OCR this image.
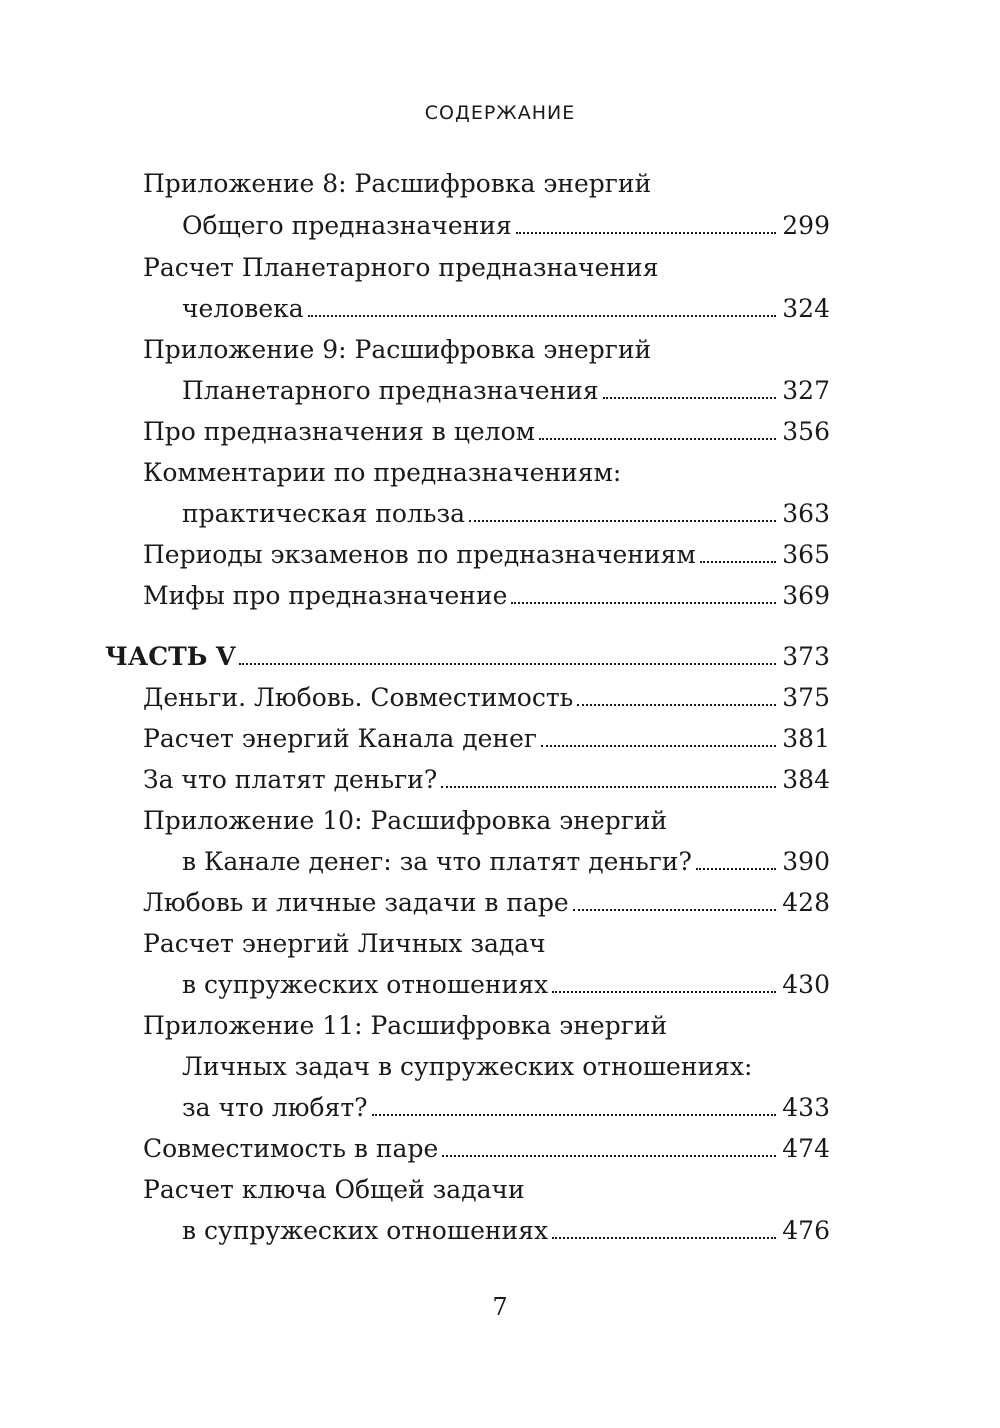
СОДЕРЖАНИЕ
Приложение 8: Расшифровка энергий
Общего предназначения	299
Расчет Планетарного предназначения
человека	324
Приложение 9: Расшифровка энергий
Планетарного предназначения	327
Про предназначения в целом	356
Комментарии по предназначениям:
практическая польза	363
Периоды экзаменов по предназначениям	365
Мифы про предназначение	369
ЧАСТЬ V	373
Деньги. Любовь. Совместимость	375
Расчет энергий Канала денег	381
За что платят деньги?	384
Приложение 10: Расшифровка энергий
в Канале денег: за что платят деньги?	390
Любовь и личные задачи в паре	428
Расчет энергий Личных задач
в супружеских отношениях	430
Приложение 11: Расшифровка энергий
Личных задач в супружеских отношениях:
за что любят?	433
Совместимость в паре	474
Расчет ключа Общей задачи
в супружеских отношениях	476
7
